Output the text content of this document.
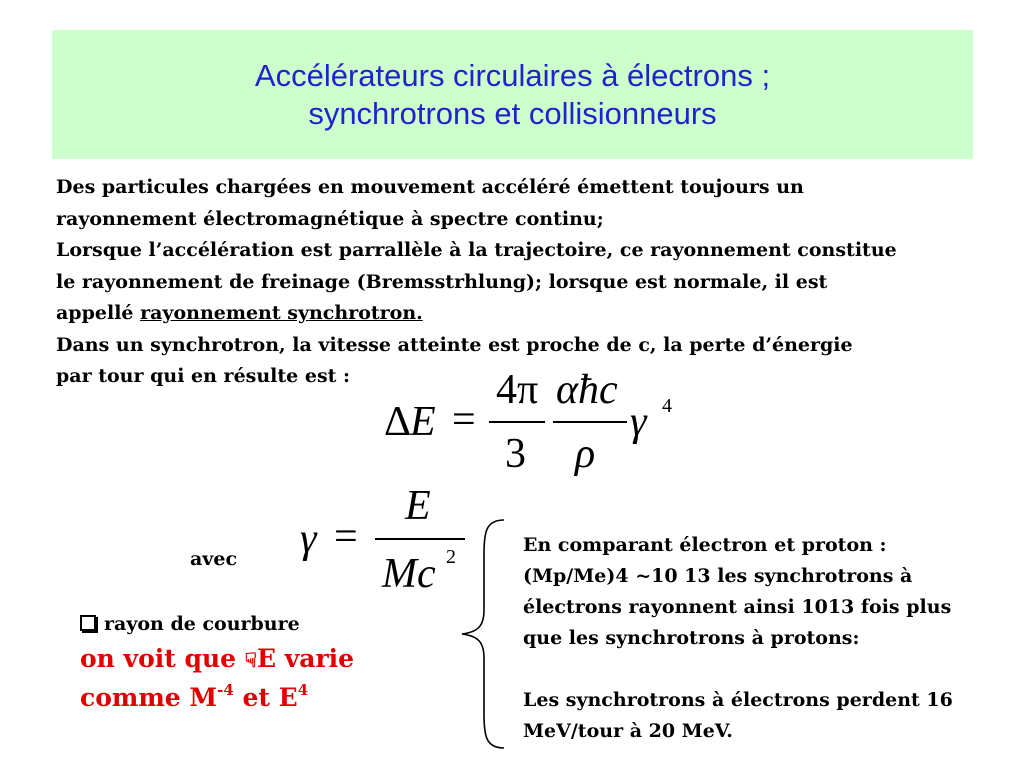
Accélérateurs circulaires à électrons ;
synchrotrons et collisionneurs
Des particules chargées en mouvement accéléré émettent toujours un
rayonnement électromagnétique à spectre continu;
Lorsque l’accélération est parrallèle à la trajectoire, ce rayonnement constitue
le rayonnement de freinage (Bremsstrhlung); lorsque est normale, il est
appellé rayonnement synchrotron.
Dans un synchrotron, la vitesse atteinte est proche de c, la perte d’énergie
par tour qui en résulte est :
Δ
E =
4π
3
αħc
ρ
γ 4
γ =
E
Mc 2
avec
rayon de courbure
on voit que ☟E varie
comme $M^{-4}$ et $E^4$
En comparant électron et proton :
(Mp/Me)4 ~10 13 les synchrotrons à
électrons rayonnent ainsi 1013 fois plus
que les synchrotrons à protons:
Les synchrotrons à électrons perdent 16
MeV/tour à 20 MeV.
